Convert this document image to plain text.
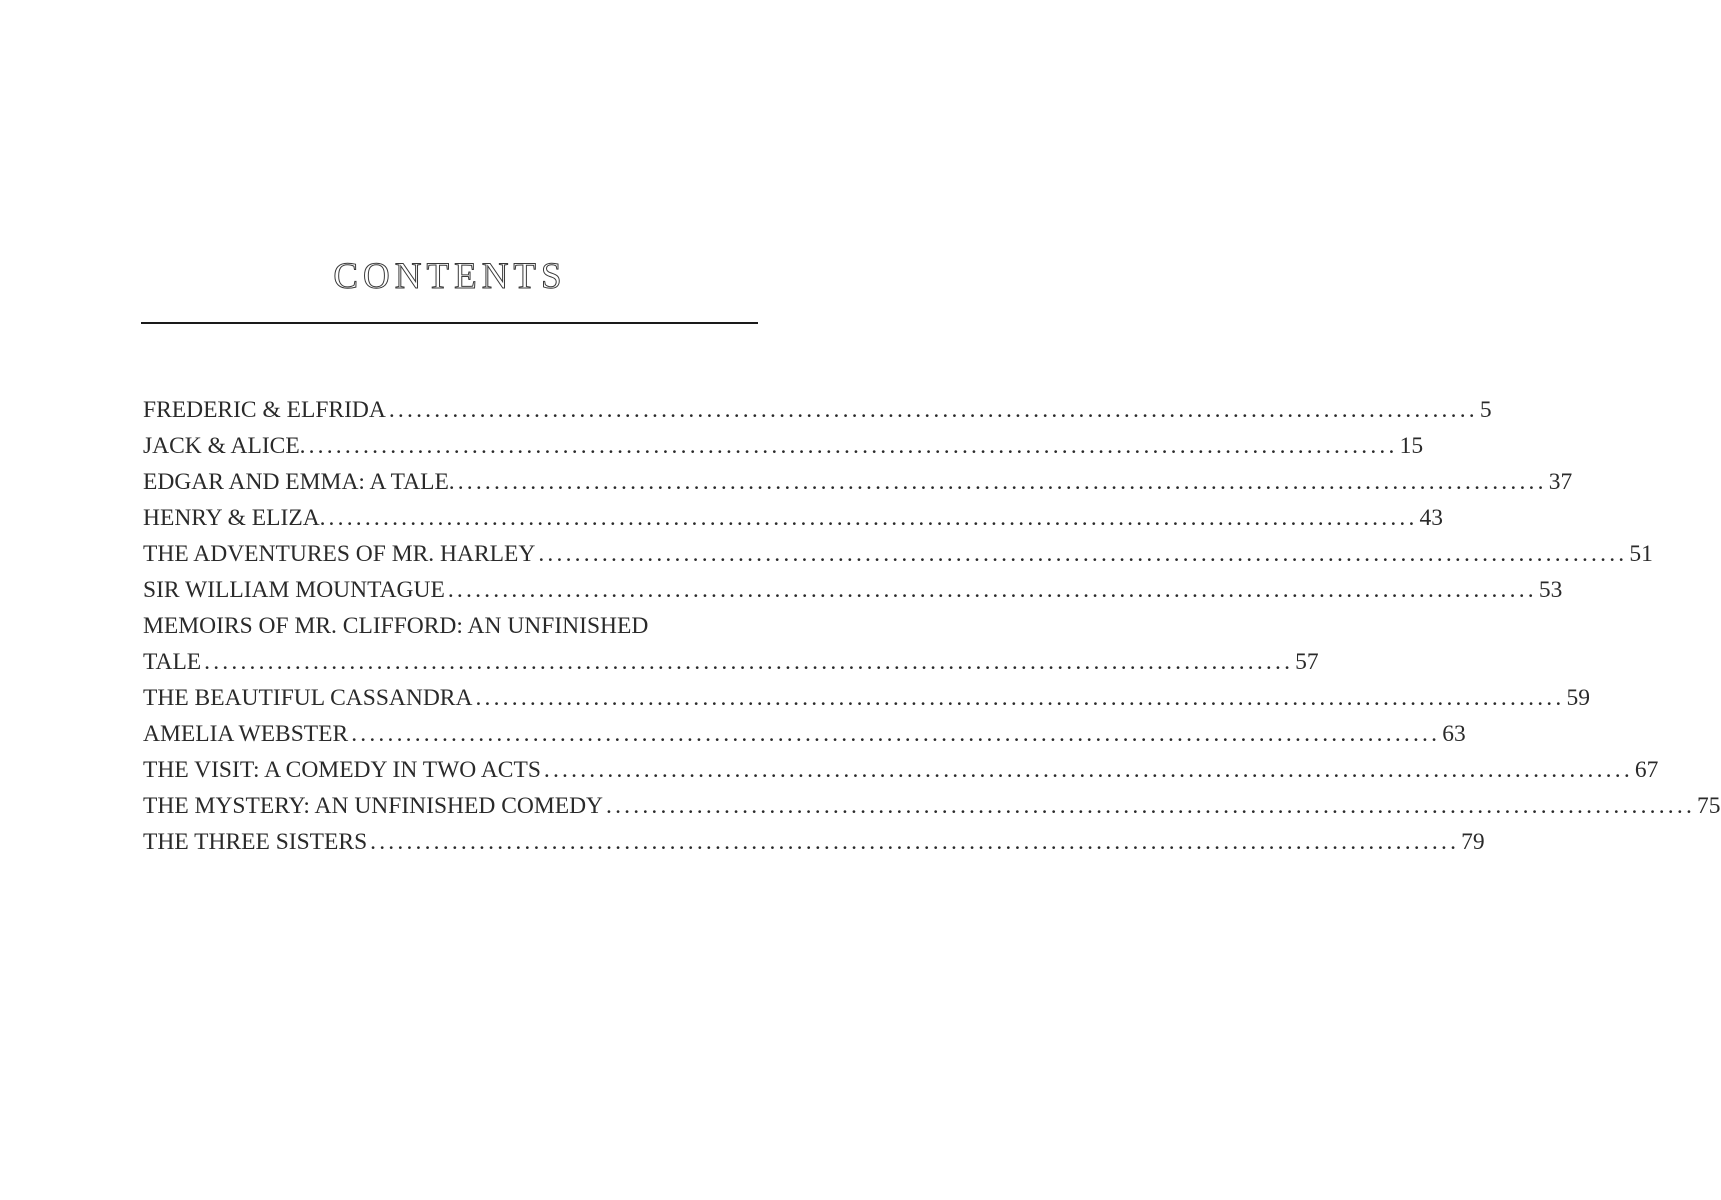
CONTENTS
FREDERIC & ELFRIDA ........................................................................................................................ 5
JACK & ALICE. ........................................................................................................................ 15
EDGAR AND EMMA: A TALE. ........................................................................................................................ 37
HENRY & ELIZA. ........................................................................................................................ 43
THE ADVENTURES OF MR. HARLEY ........................................................................................................................ 51
SIR WILLIAM MOUNTAGUE ........................................................................................................................ 53
MEMOIRS OF MR. CLIFFORD: AN UNFINISHED
TALE ........................................................................................................................ 57
THE BEAUTIFUL CASSANDRA ........................................................................................................................ 59
AMELIA WEBSTER ........................................................................................................................ 63
THE VISIT: A COMEDY IN TWO ACTS ........................................................................................................................ 67
THE MYSTERY: AN UNFINISHED COMEDY ........................................................................................................................ 75
THE THREE SISTERS ........................................................................................................................ 79
